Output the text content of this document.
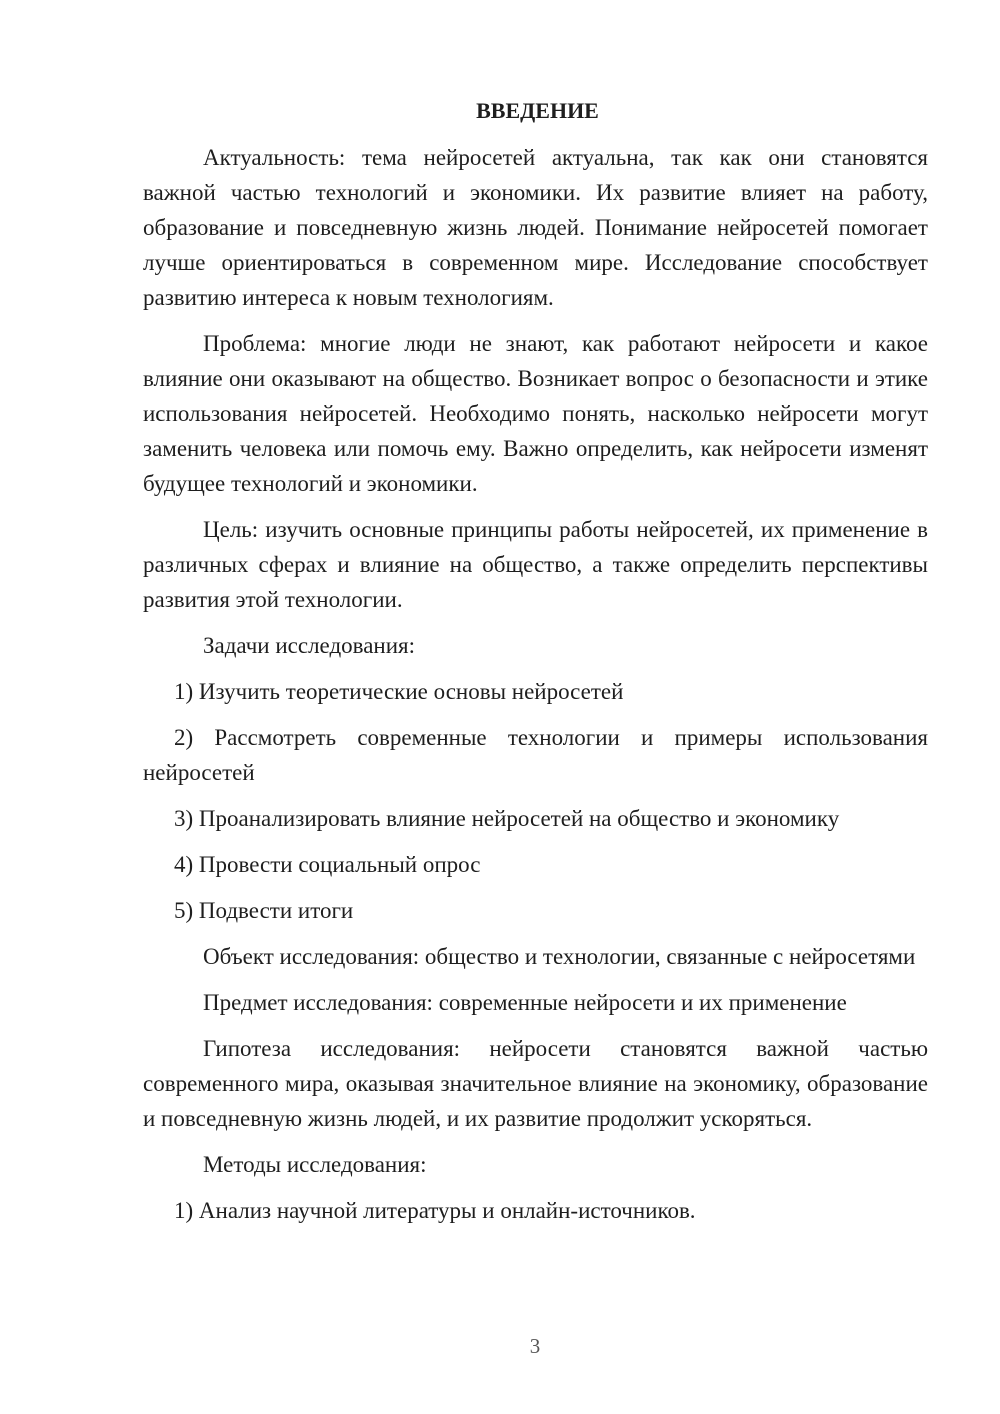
ВВЕДЕНИЕ

Актуальность: тема нейросетей актуальна, так как они становятся важной частью технологий и экономики. Их развитие влияет на работу, образование и повседневную жизнь людей. Понимание нейросетей помогает лучше ориентироваться в современном мире. Исследование способствует развитию интереса к новым технологиям.

Проблема: многие люди не знают, как работают нейросети и какое влияние они оказывают на общество. Возникает вопрос о безопасности и этике использования нейросетей. Необходимо понять, насколько нейросети могут заменить человека или помочь ему. Важно определить, как нейросети изменят будущее технологий и экономики.

Цель: изучить основные принципы работы нейросетей, их применение в различных сферах и влияние на общество, а также определить перспективы развития этой технологии.

Задачи исследования:

1) Изучить теоретические основы нейросетей

2) Рассмотреть современные технологии и примеры использования нейросетей

3) Проанализировать влияние нейросетей на общество и экономику

4) Провести социальный опрос

5) Подвести итоги

Объект исследования: общество и технологии, связанные с нейросетями

Предмет исследования: современные нейросети и их применение

Гипотеза исследования: нейросети становятся важной частью современного мира, оказывая значительное влияние на экономику, образование и повседневную жизнь людей, и их развитие продолжит ускоряться.

Методы исследования:

1) Анализ научной литературы и онлайн-источников.

3
